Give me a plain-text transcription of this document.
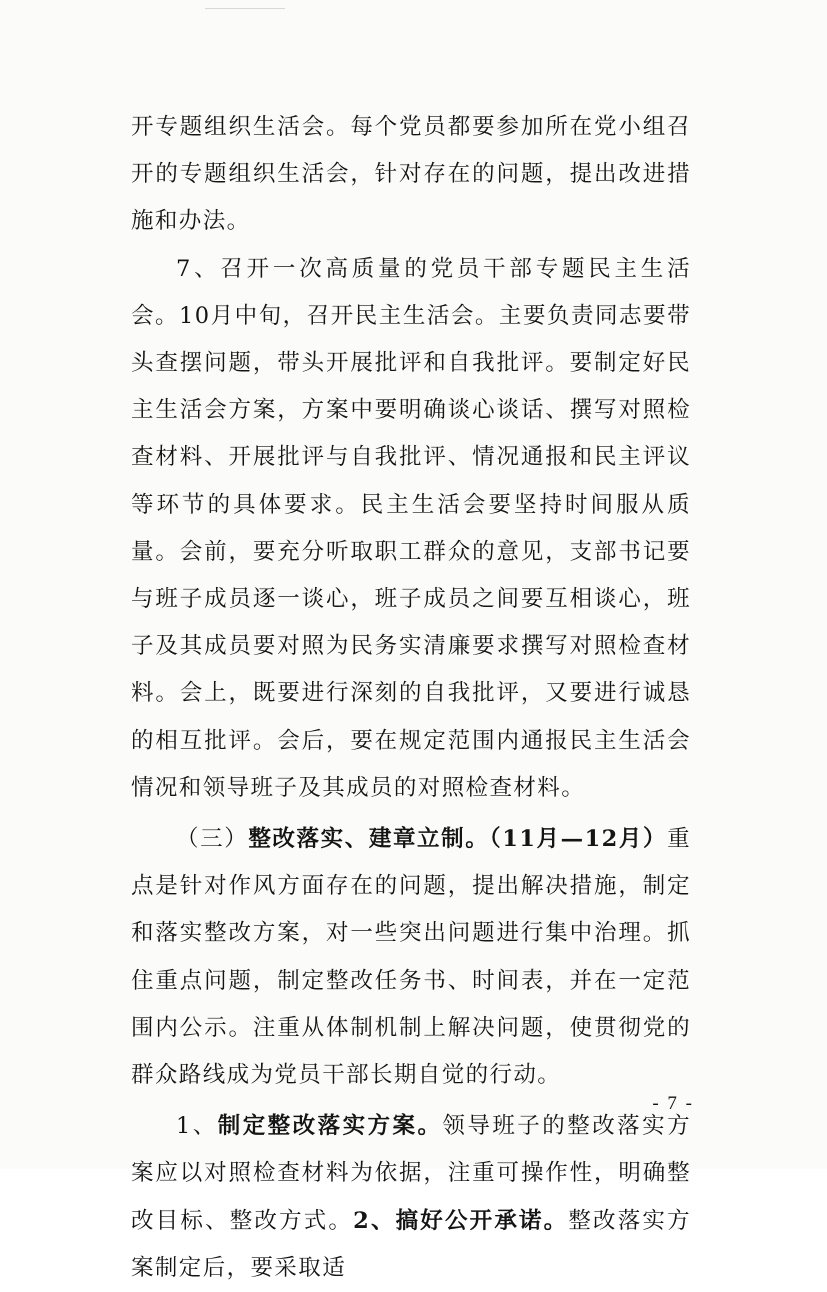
开专题组织生活会。每个党员都要参加所在党小组召开的专题组织生活会，针对存在的问题，提出改进措施和办法。

7、召开一次高质量的党员干部专题民主生活会。10月中旬，召开民主生活会。主要负责同志要带头查摆问题，带头开展批评和自我批评。要制定好民主生活会方案，方案中要明确谈心谈话、撰写对照检查材料、开展批评与自我批评、情况通报和民主评议等环节的具体要求。民主生活会要坚持时间服从质量。会前，要充分听取职工群众的意见，支部书记要与班子成员逐一谈心，班子成员之间要互相谈心，班子及其成员要对照为民务实清廉要求撰写对照检查材料。会上，既要进行深刻的自我批评，又要进行诚恳的相互批评。会后，要在规定范围内通报民主生活会情况和领导班子及其成员的对照检查材料。

（三）整改落实、建章立制。（11月—12月）重点是针对作风方面存在的问题，提出解决措施，制定和落实整改方案，对一些突出问题进行集中治理。抓住重点问题，制定整改任务书、时间表，并在一定范围内公示。注重从体制机制上解决问题，使贯彻党的群众路线成为党员干部长期自觉的行动。

1、制定整改落实方案。领导班子的整改落实方案应以对照检查材料为依据，注重可操作性，明确整改目标、整改方式。2、搞好公开承诺。整改落实方案制定后，要采取适

- 7 -
